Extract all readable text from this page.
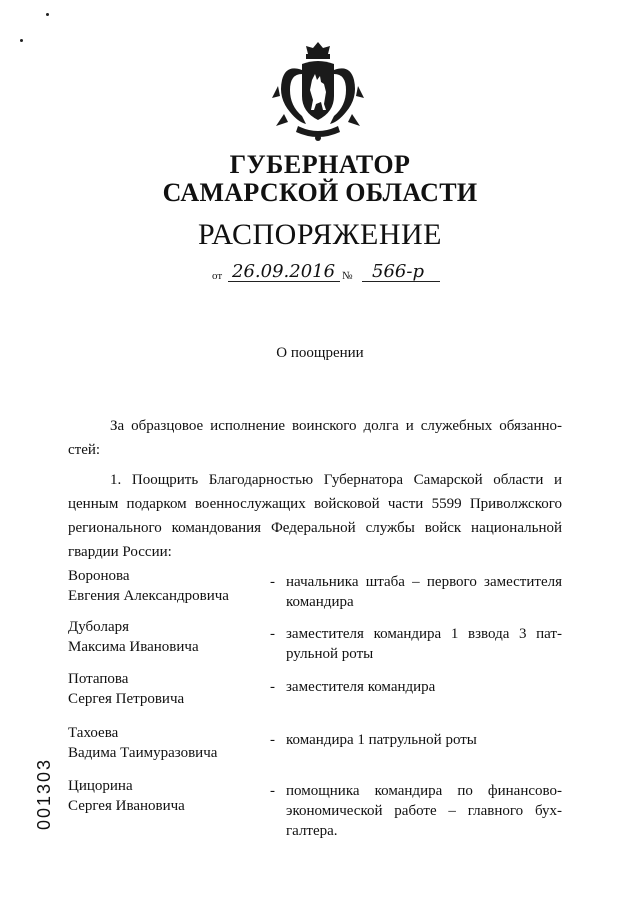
ГУБЕРНАТОР
САМАРСКОЙ ОБЛАСТИ
РАСПОРЯЖЕНИЕ
от 26.09.2016 № 566-р
О поощрении
За образцовое исполнение воинского долга и служебных обязанно-
стей:
1. Поощрить Благодарностью Губернатора Самарской области и
ценным подарком военнослужащих войсковой части 5599 Приволжского
регионального командования Федеральной службы войск национальной
гвардии России:
Воронова
Евгения Александровича
- начальника штаба – первого заместителя
командира
Дуболаря
Максима Ивановича
- заместителя командира 1 взвода 3 пат-
рульной роты
Потапова
Сергея Петровича
- заместителя командира
Тахоева
Вадима Таимуразовича
- командира 1 патрульной роты
Цицорина
Сергея Ивановича
- помощника командира по финансово-
экономической работе – главного бух-
галтера.
001303
